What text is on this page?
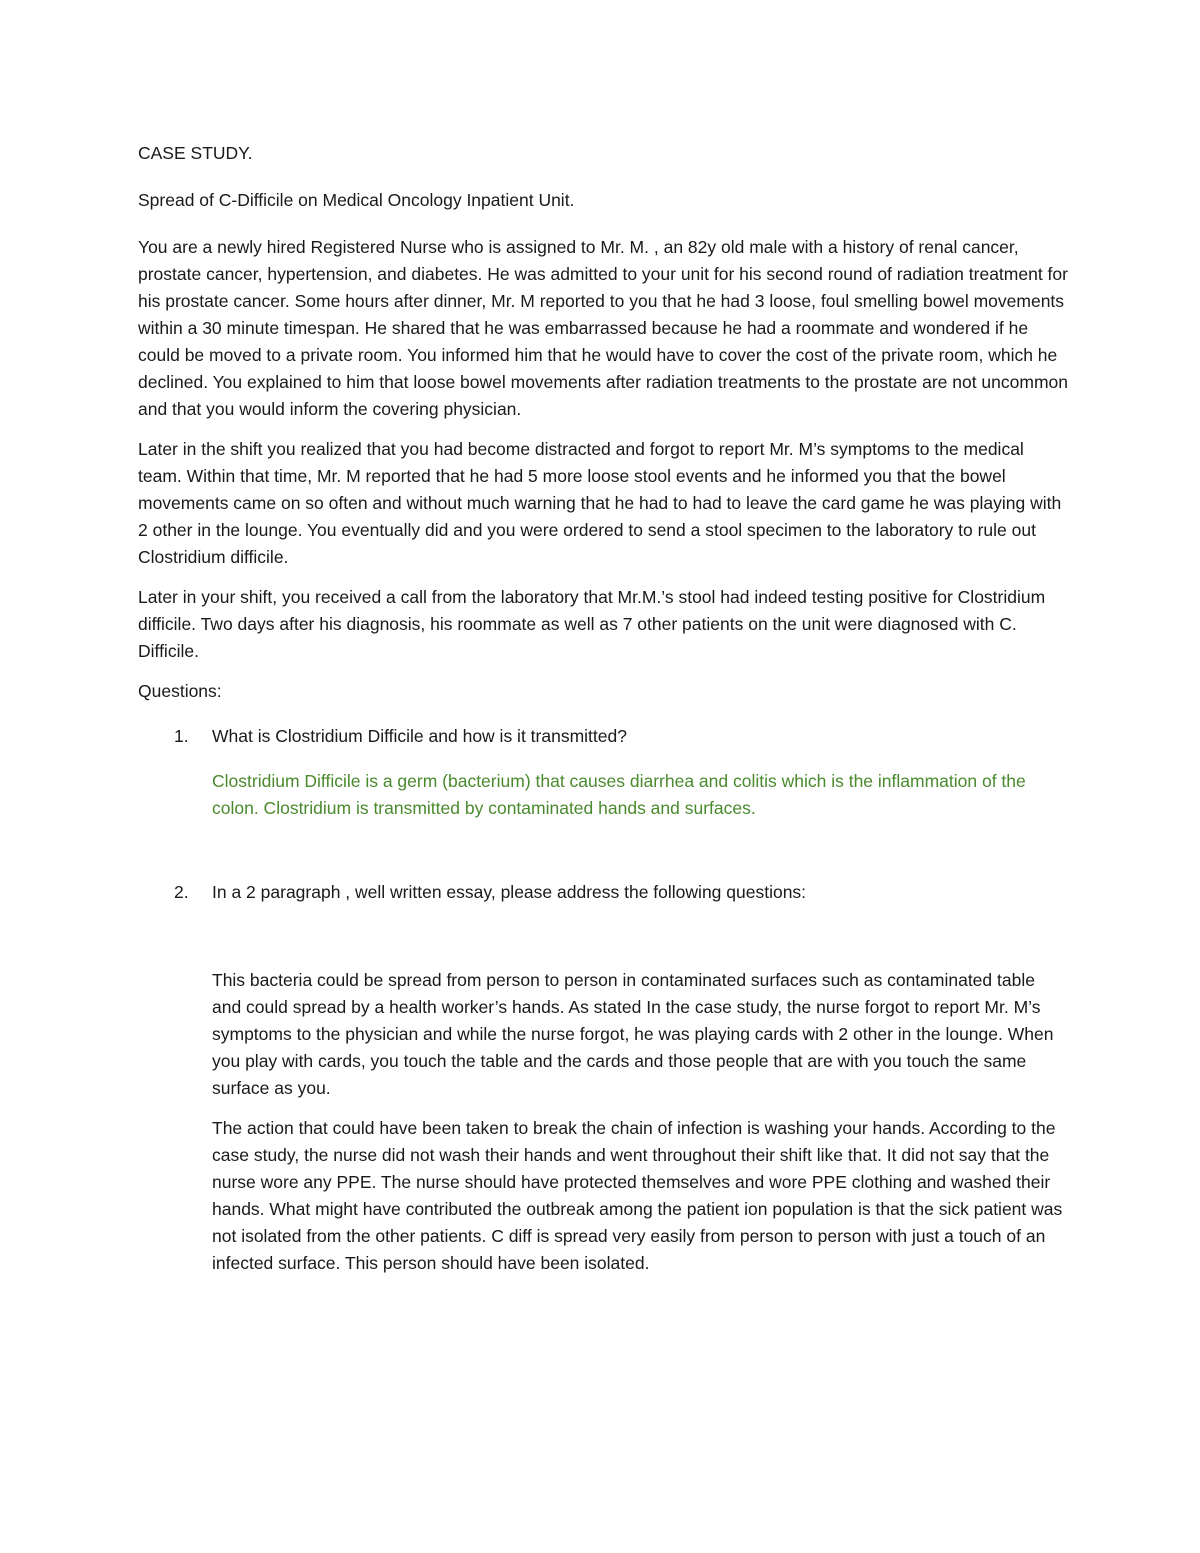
CASE STUDY.

Spread of C-Difficile on Medical Oncology Inpatient Unit.

You are a newly hired Registered Nurse who is assigned to Mr. M. , an 82y old male with a history of renal cancer, prostate cancer, hypertension, and diabetes. He was admitted to your unit for his second round of radiation treatment for his prostate cancer. Some hours after dinner, Mr. M reported to you that he had 3 loose, foul smelling bowel movements within a 30 minute timespan. He shared that he was embarrassed because he had a roommate and wondered if he could be moved to a private room. You informed him that he would have to cover the cost of the private room, which he declined. You explained to him that loose bowel movements after radiation treatments to the prostate are not uncommon and that you would inform the covering physician.

Later in the shift you realized that you had become distracted and forgot to report Mr. M’s symptoms to the medical team. Within that time, Mr. M reported that he had 5 more loose stool events and he informed you that the bowel movements came on so often and without much warning that he had to had to leave the card game he was playing with 2 other in the lounge. You eventually did and you were ordered to send a stool specimen to the laboratory to rule out Clostridium difficile.

Later in your shift, you received a call from the laboratory that Mr.M.’s stool had indeed testing positive for Clostridium difficile. Two days after his diagnosis, his roommate as well as 7 other patients on the unit were diagnosed with C. Difficile.

Questions:

1. What is Clostridium Difficile and how is it transmitted?

Clostridium Difficile is a germ (bacterium) that causes diarrhea and colitis which is the inflammation of the colon. Clostridium is transmitted by contaminated hands and surfaces.

2. In a 2 paragraph , well written essay, please address the following questions:

This bacteria could be spread from person to person in contaminated surfaces such as contaminated table and could spread by a health worker’s hands. As stated In the case study, the nurse forgot to report Mr. M’s symptoms to the physician and while the nurse forgot, he was playing cards with 2 other in the lounge. When you play with cards, you touch the table and the cards and those people that are with you touch the same surface as you.

The action that could have been taken to break the chain of infection is washing your hands. According to the case study, the nurse did not wash their hands and went throughout their shift like that. It did not say that the nurse wore any PPE. The nurse should have protected themselves and wore PPE clothing and washed their hands. What might have contributed the outbreak among the patient ion population is that the sick patient was not isolated from the other patients. C diff is spread very easily from person to person with just a touch of an infected surface. This person should have been isolated.
